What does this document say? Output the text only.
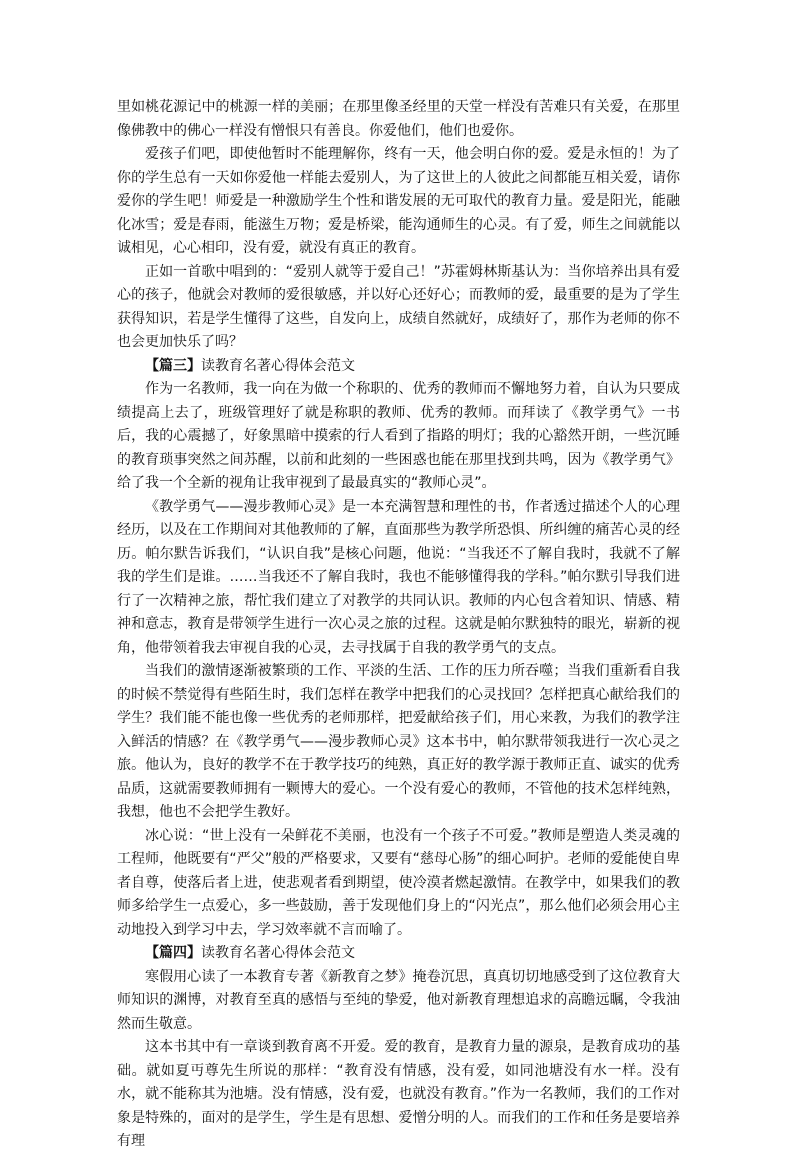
里如桃花源记中的桃源一样的美丽；在那里像圣经里的天堂一样没有苦难只有关爱，在那里像佛教中的佛心一样没有憎恨只有善良。你爱他们，他们也爱你。

爱孩子们吧，即使他暂时不能理解你，终有一天，他会明白你的爱。爱是永恒的！为了你的学生总有一天如你爱他一样能去爱别人，为了这世上的人彼此之间都能互相关爱，请你爱你的学生吧！师爱是一种激励学生个性和谐发展的无可取代的教育力量。爱是阳光，能融化冰雪；爱是春雨，能滋生万物；爱是桥梁，能沟通师生的心灵。有了爱，师生之间就能以诚相见，心心相印，没有爱，就没有真正的教育。

正如一首歌中唱到的：“爱别人就等于爱自己！”苏霍姆林斯基认为：当你培养出具有爱心的孩子，他就会对教师的爱很敏感，并以好心还好心；而教师的爱，最重要的是为了学生获得知识，若是学生懂得了这些，自发向上，成绩自然就好，成绩好了，那作为老师的你不也会更加快乐了吗？

【篇三】读教育名著心得体会范文

作为一名教师，我一向在为做一个称职的、优秀的教师而不懈地努力着，自认为只要成绩提高上去了，班级管理好了就是称职的教师、优秀的教师。而拜读了《教学勇气》一书后，我的心震撼了，好象黑暗中摸索的行人看到了指路的明灯；我的心豁然开朗，一些沉睡的教育琐事突然之间苏醒，以前和此刻的一些困惑也能在那里找到共鸣，因为《教学勇气》给了我一个全新的视角让我审视到了最最真实的“教师心灵”。

《教学勇气——漫步教师心灵》是一本充满智慧和理性的书，作者透过描述个人的心理经历，以及在工作期间对其他教师的了解，直面那些为教学所恐惧、所纠缠的痛苦心灵的经历。帕尔默告诉我们，“认识自我”是核心问题，他说：“当我还不了解自我时，我就不了解我的学生们是谁。……当我还不了解自我时，我也不能够懂得我的学科。”帕尔默引导我们进行了一次精神之旅，帮忙我们建立了对教学的共同认识。教师的内心包含着知识、情感、精神和意志，教育是带领学生进行一次心灵之旅的过程。这就是帕尔默独特的眼光，崭新的视角，他带领着我去审视自我的心灵，去寻找属于自我的教学勇气的支点。

当我们的激情逐渐被繁琐的工作、平淡的生活、工作的压力所吞噬；当我们重新看自我的时候不禁觉得有些陌生时，我们怎样在教学中把我们的心灵找回？怎样把真心献给我们的学生？我们能不能也像一些优秀的老师那样，把爱献给孩子们，用心来教，为我们的教学注入鲜活的情感？在《教学勇气——漫步教师心灵》这本书中，帕尔默带领我进行一次心灵之旅。他认为，良好的教学不在于教学技巧的纯熟，真正好的教学源于教师正直、诚实的优秀品质，这就需要教师拥有一颗博大的爱心。一个没有爱心的教师，不管他的技术怎样纯熟，我想，他也不会把学生教好。

冰心说：“世上没有一朵鲜花不美丽，也没有一个孩子不可爱。”教师是塑造人类灵魂的工程师，他既要有“严父”般的严格要求，又要有“慈母心肠”的细心呵护。老师的爱能使自卑者自尊，使落后者上进，使悲观者看到期望，使冷漠者燃起激情。在教学中，如果我们的教师多给学生一点爱心，多一些鼓励，善于发现他们身上的“闪光点”，那么他们必须会用心主动地投入到学习中去，学习效率就不言而喻了。

【篇四】读教育名著心得体会范文

寒假用心读了一本教育专著《新教育之梦》掩卷沉思，真真切切地感受到了这位教育大师知识的渊博，对教育至真的感悟与至纯的挚爱，他对新教育理想追求的高瞻远瞩，令我油然而生敬意。

这本书其中有一章谈到教育离不开爱。爱的教育，是教育力量的源泉，是教育成功的基础。就如夏丏尊先生所说的那样：“教育没有情感，没有爱，如同池塘没有水一样。没有水，就不能称其为池塘。没有情感，没有爱，也就没有教育。”作为一名教师，我们的工作对象是特殊的，面对的是学生，学生是有思想、爱憎分明的人。而我们的工作和任务是要培养有理
